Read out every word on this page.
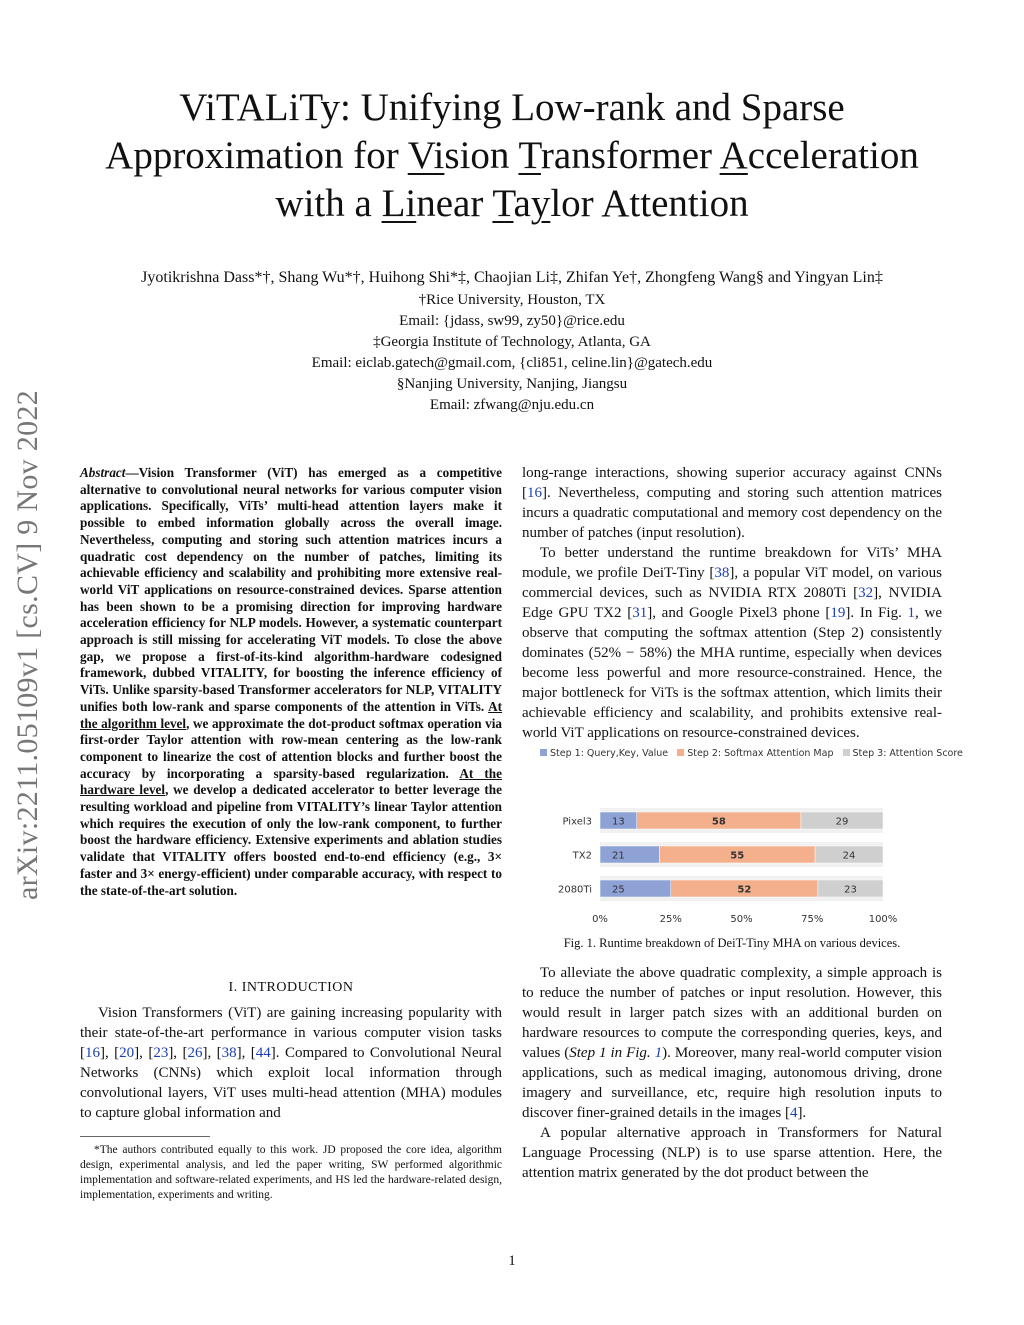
arXiv:2211.05109v1 [cs.CV] 9 Nov 2022
ViTALiTy: Unifying Low-rank and Sparse
Approximation for Vision Transformer Acceleration
with a Linear Taylor Attention
Jyotikrishna Dass*†, Shang Wu*†, Huihong Shi*‡, Chaojian Li‡, Zhifan Ye†, Zhongfeng Wang§ and Yingyan Lin‡
†Rice University, Houston, TX
Email: {jdass, sw99, zy50}@rice.edu
‡Georgia Institute of Technology, Atlanta, GA
Email: eiclab.gatech@gmail.com, {cli851, celine.lin}@gatech.edu
§Nanjing University, Nanjing, Jiangsu
Email: zfwang@nju.edu.cn
Abstract—Vision Transformer (ViT) has emerged as a competitive alternative to convolutional neural networks for various computer vision applications. Specifically, ViTs’ multi-head attention layers make it possible to embed information globally across the overall image. Nevertheless, computing and storing such attention matrices incurs a quadratic cost dependency on the number of patches, limiting its achievable efficiency and scalability and prohibiting more extensive real-world ViT applications on resource-constrained devices. Sparse attention has been shown to be a promising direction for improving hardware acceleration efficiency for NLP models. However, a systematic counterpart approach is still missing for accelerating ViT models. To close the above gap, we propose a first-of-its-kind algorithm-hardware codesigned framework, dubbed VITALITY, for boosting the inference efficiency of ViTs. Unlike sparsity-based Transformer accelerators for NLP, VITALITY unifies both low-rank and sparse components of the attention in ViTs. At the algorithm level, we approximate the dot-product softmax operation via first-order Taylor attention with row-mean centering as the low-rank component to linearize the cost of attention blocks and further boost the accuracy by incorporating a sparsity-based regularization. At the hardware level, we develop a dedicated accelerator to better leverage the resulting workload and pipeline from VITALITY’s linear Taylor attention which requires the execution of only the low-rank component, to further boost the hardware efficiency. Extensive experiments and ablation studies validate that VITALITY offers boosted end-to-end efficiency (e.g., 3× faster and 3× energy-efficient) under comparable accuracy, with respect to the state-of-the-art solution.
I. INTRODUCTION

Vision Transformers (ViT) are gaining increasing popularity with their state-of-the-art performance in various computer vision tasks [16], [20], [23], [26], [38], [44]. Compared to Convolutional Neural Networks (CNNs) which exploit local information through convolutional layers, ViT uses multi-head attention (MHA) modules to capture global information and

*The authors contributed equally to this work. JD proposed the core idea, algorithm design, experimental analysis, and led the paper writing, SW performed algorithmic implementation and software-related experiments, and HS led the hardware-related design, implementation, experiments and writing.

long-range interactions, showing superior accuracy against CNNs [16]. Nevertheless, computing and storing such attention matrices incurs a quadratic computational and memory cost dependency on the number of patches (input resolution).

To better understand the runtime breakdown for ViTs’ MHA module, we profile DeiT-Tiny [38], a popular ViT model, on various commercial devices, such as NVIDIA RTX 2080Ti [32], NVIDIA Edge GPU TX2 [31], and Google Pixel3 phone [19]. In Fig. 1, we observe that computing the softmax attention (Step 2) consistently dominates (52% − 58%) the MHA runtime, especially when devices become less powerful and more resource-constrained. Hence, the major bottleneck for ViTs is the softmax attention, which limits their achievable efficiency and scalability, and prohibits extensive real-world ViT applications on resource-constrained devices.

Step 1: Query,Key, Value Step 2: Softmax Attention Map Step 3: Attention Score
Pixel3 13	58	29
TX2 21	55	24
2080Ti 25	52	23
0%	25%	50%	75%	100%
Fig. 1. Runtime breakdown of DeiT-Tiny MHA on various devices.

To alleviate the above quadratic complexity, a simple approach is to reduce the number of patches or input resolution. However, this would result in larger patch sizes with an additional burden on hardware resources to compute the corresponding queries, keys, and values (Step 1 in Fig. 1). Moreover, many real-world computer vision applications, such as medical imaging, autonomous driving, drone imagery and surveillance, etc, require high resolution inputs to discover finer-grained details in the images [4].

A popular alternative approach in Transformers for Natural Language Processing (NLP) is to use sparse attention. Here, the attention matrix generated by the dot product between the

1
